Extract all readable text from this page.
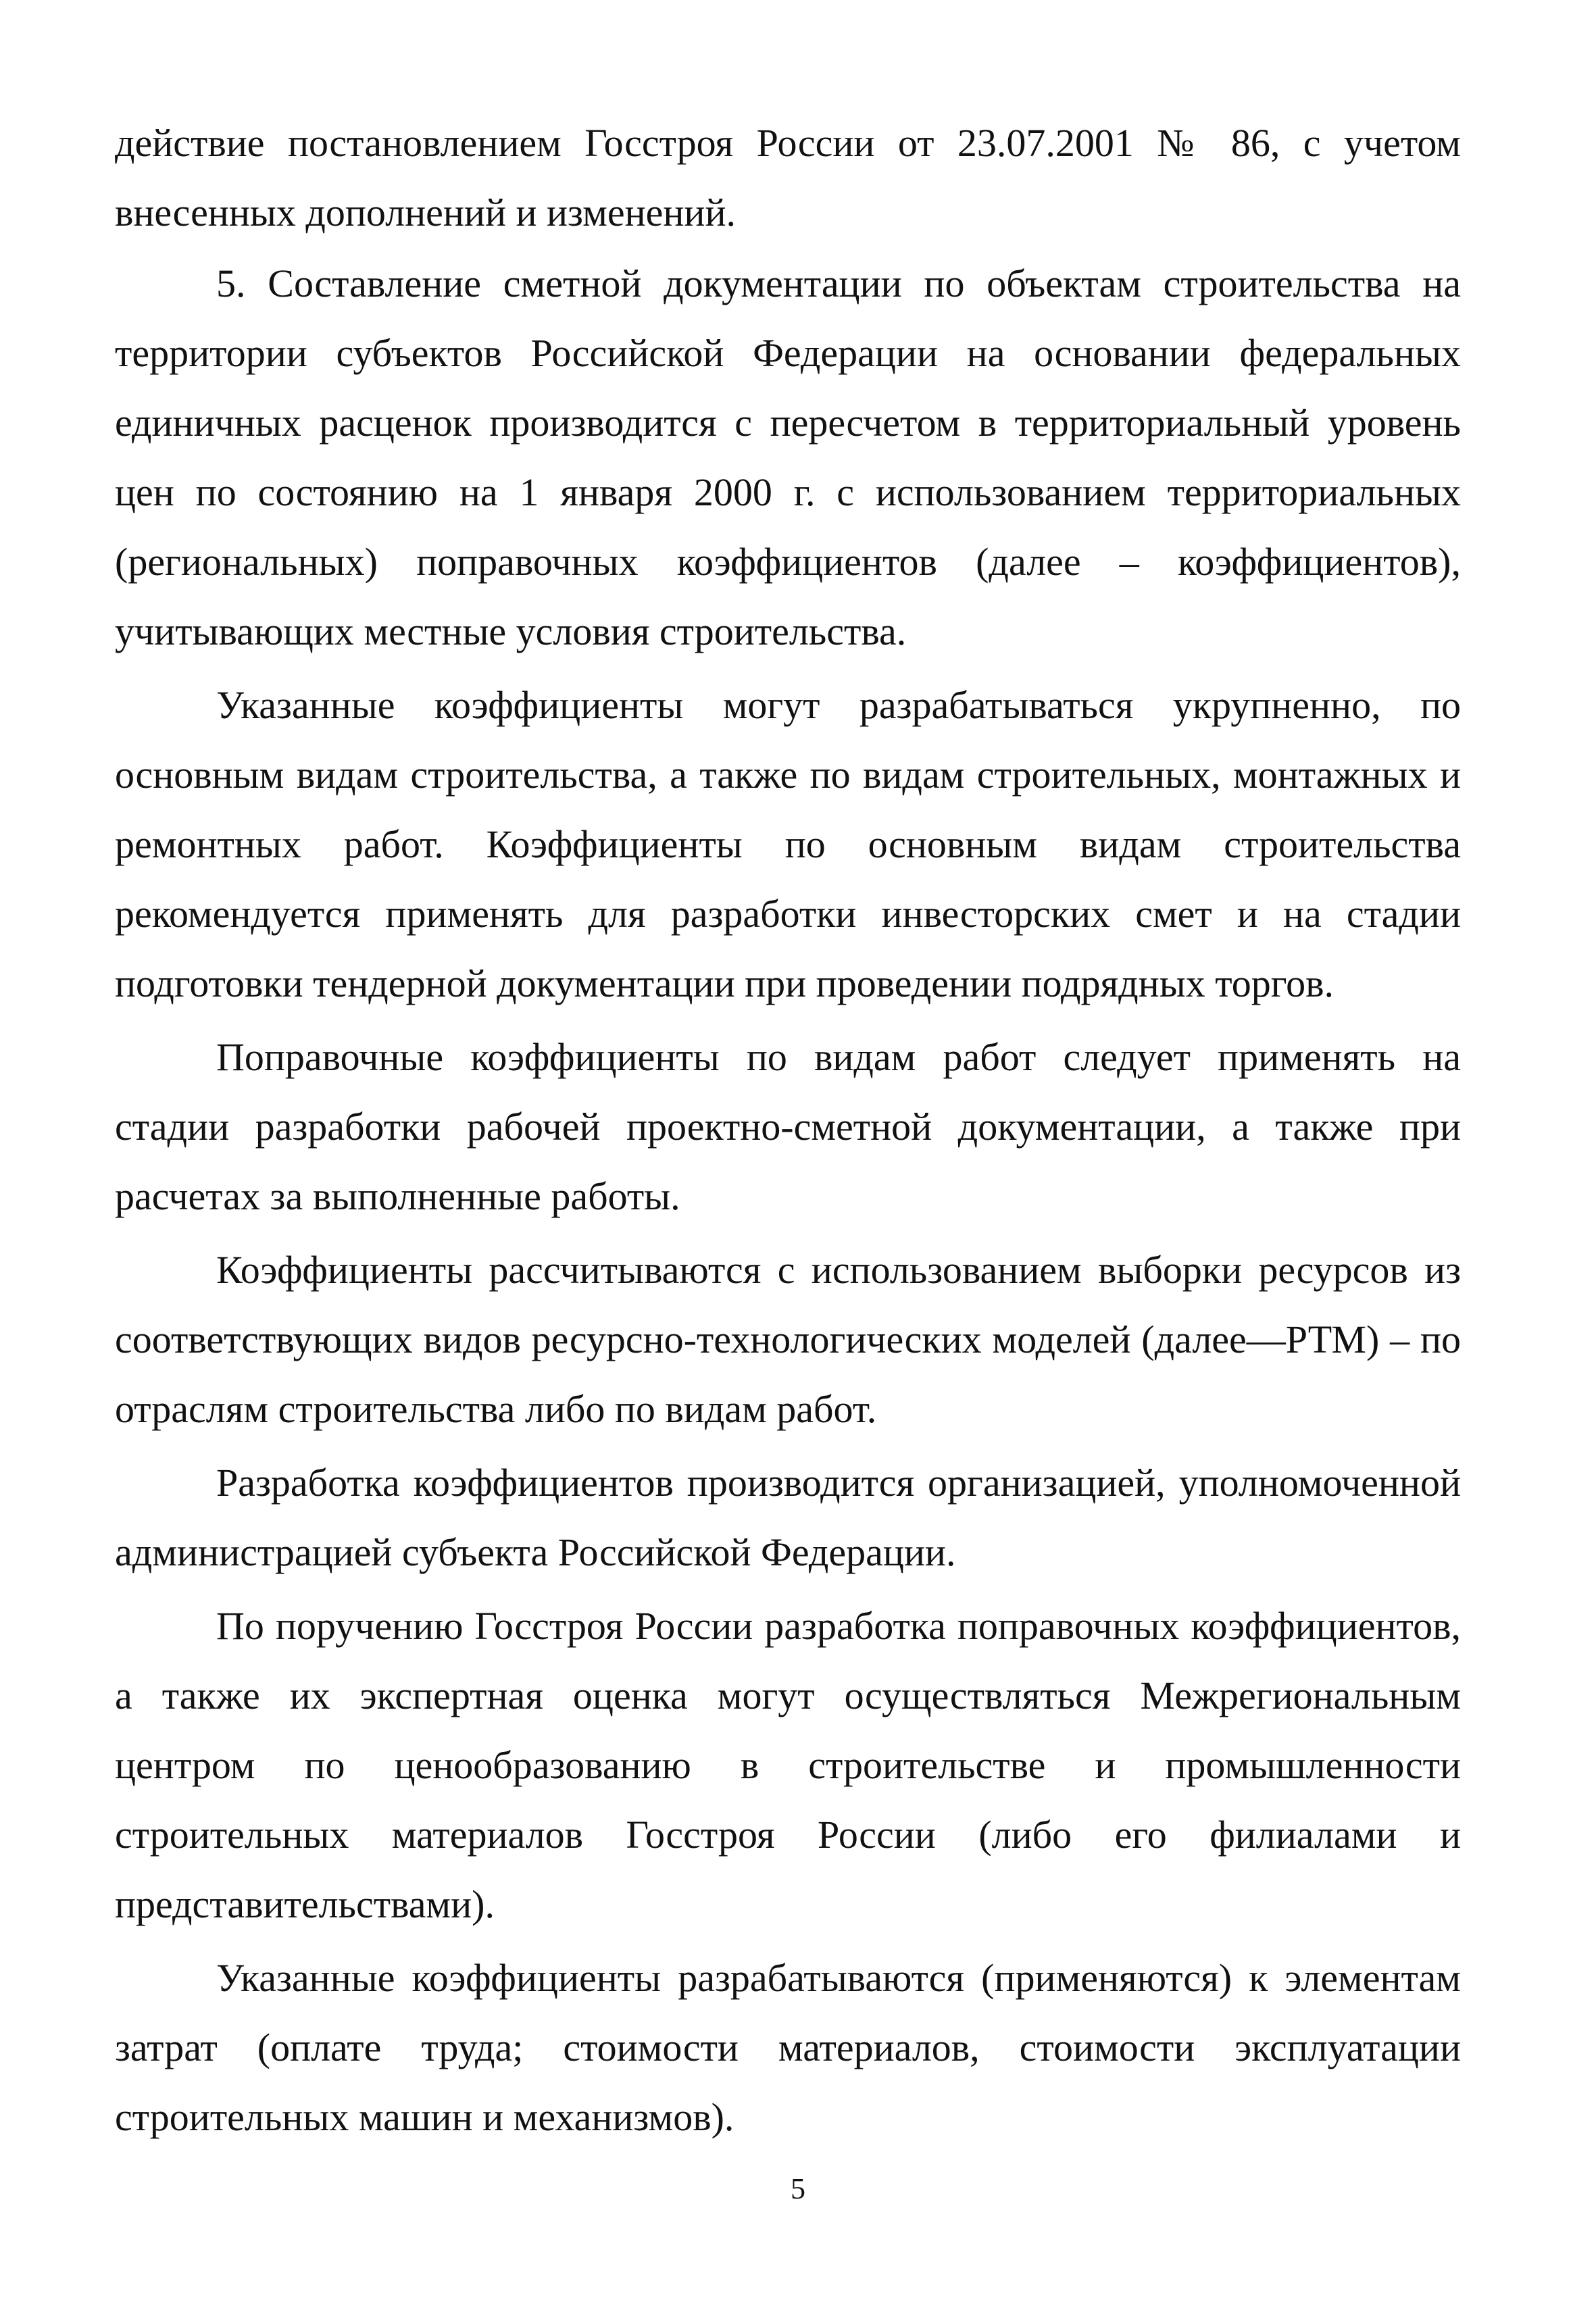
действие постановлением Госстроя России от 23.07.2001 № 86, с учетом внесенных дополнений и изменений.

5. Составление сметной документации по объектам строительства на территории субъектов Российской Федерации на основании федеральных единичных расценок производится с пересчетом в территориальный уровень цен по состоянию на 1 января 2000 г. с использованием территориальных (региональных) поправочных коэффициентов (далее – коэффициентов), учитывающих местные условия строительства.

Указанные коэффициенты могут разрабатываться укрупненно, по основным видам строительства, а также по видам строительных, монтажных и ремонтных работ. Коэффициенты по основным видам строительства рекомендуется применять для разработки инвесторских смет и на стадии подготовки тендерной документации при проведении подрядных торгов.

Поправочные коэффициенты по видам работ следует применять на стадии разработки рабочей проектно-сметной документации, а также при расчетах за выполненные работы.

Коэффициенты рассчитываются с использованием выборки ресурсов из соответствующих видов ресурсно-технологических моделей (далее—РТМ) – по отраслям строительства либо по видам работ.

Разработка коэффициентов производится организацией, уполномоченной администрацией субъекта Российской Федерации.

По поручению Госстроя России разработка поправочных коэффициентов, а также их экспертная оценка могут осуществляться Межрегиональным центром по ценообразованию в строительстве и промышленности строительных материалов Госстроя России (либо его филиалами и представительствами).

Указанные коэффициенты разрабатываются (применяются) к элементам затрат (оплате труда; стоимости материалов, стоимости эксплуатации строительных машин и механизмов).

5
